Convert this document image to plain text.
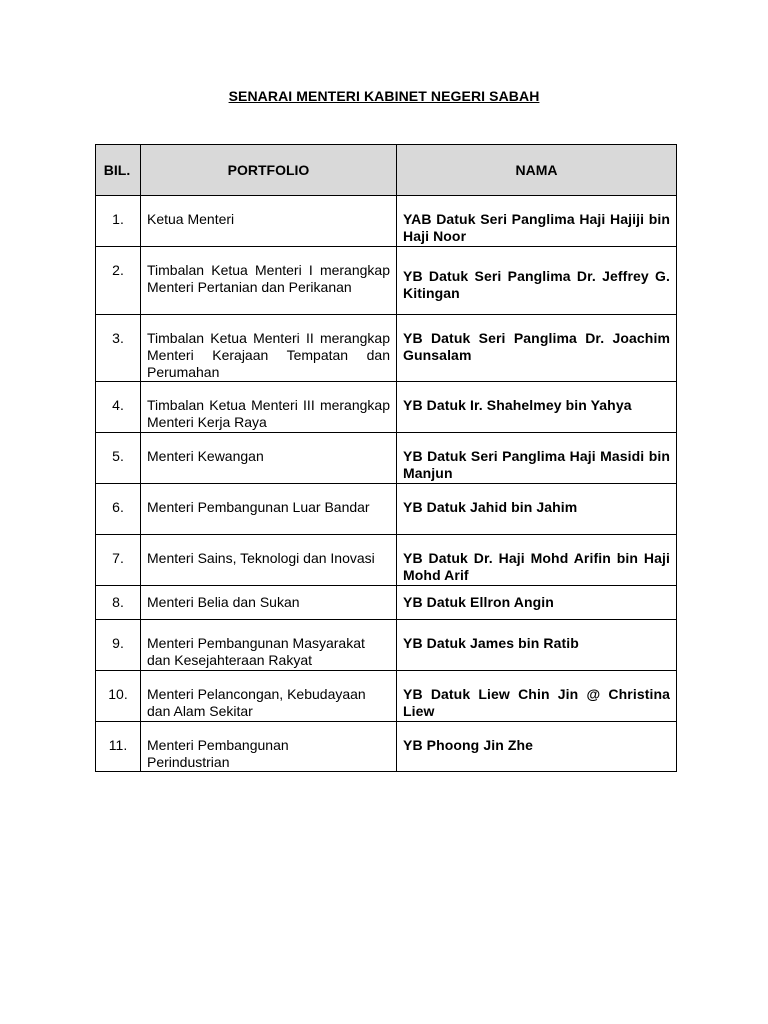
SENARAI MENTERI KABINET NEGERI SABAH
BIL.	PORTFOLIO	NAMA
1.	Ketua Menteri	YAB Datuk Seri Panglima Haji Hajiji bin Haji Noor
2.	Timbalan Ketua Menteri I merangkap Menteri Pertanian dan Perikanan	YB Datuk Seri Panglima Dr. Jeffrey G. Kitingan
3.	Timbalan Ketua Menteri II merangkap Menteri Kerajaan Tempatan dan Perumahan	YB Datuk Seri Panglima Dr. Joachim Gunsalam
4.	Timbalan Ketua Menteri III merangkap Menteri Kerja Raya	YB Datuk Ir. Shahelmey bin Yahya
5.	Menteri Kewangan	YB Datuk Seri Panglima Haji Masidi bin Manjun
6.	Menteri Pembangunan Luar Bandar	YB Datuk Jahid bin Jahim
7.	Menteri Sains, Teknologi dan Inovasi	YB Datuk Dr. Haji Mohd Arifin bin Haji Mohd Arif
8.	Menteri Belia dan Sukan	YB Datuk Ellron Angin
9.	Menteri Pembangunan Masyarakat dan Kesejahteraan Rakyat	YB Datuk James bin Ratib
10.	Menteri Pelancongan, Kebudayaan dan Alam Sekitar	YB Datuk Liew Chin Jin @ Christina Liew
11.	Menteri Pembangunan Perindustrian	YB Phoong Jin Zhe
